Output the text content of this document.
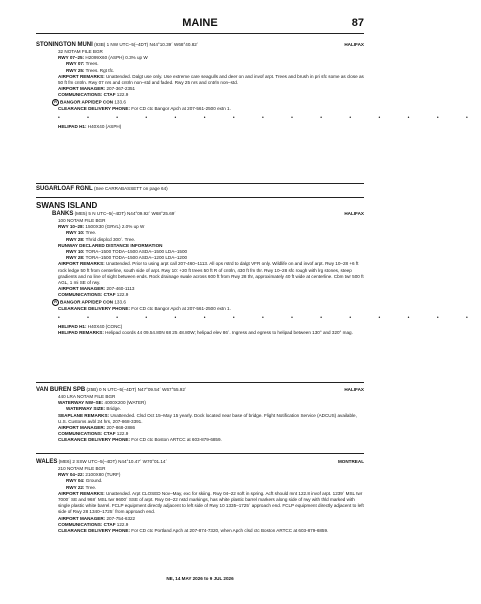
MAINE	87
STONINGTON MUNI (93B) 1 NW UTC–5(–4DT) N44°10.39´ W68°40.82´	HALIFAX
32 NOTAM FILE BGR
RWY 07–25: H2099X60 (ASPH) 0.3% up W
RWY 07: Trees.
RWY 25: Trees. Rgt tfc.
AIRPORT REMARKS: Unattended. Dalgt use only. Use extreme care seagulls and deer on and invof arpt. Trees and brush in pri sfc some as close as 50 ft fm cntrln. Rwy 07 nrs and cntrln non–std and faded. Rwy 25 nrs and cntrln non–std.
AIRPORT MANAGER: 207-367-2351
COMMUNICATIONS: CTAF 122.9
R BANGOR APP/DEP CON 133.6
CLEARANCE DELIVERY PHONE: For CD ctc Bangor Apch at 207-561-2500 extn 1.
• • • • • • • • • • • • • • •
HELIPAD H1: H40X40 (ASPH)
SUGARLOAF RGNL (See CARRABASSETT on page 64)
SWANS ISLAND
BANKS (ME5) 5 N UTC–5(–4DT) N44°09.92´ W68°25.69´	HALIFAX
100 NOTAM FILE BGR
RWY 10–28: 1500X30 (GRVL) 2.0% up W
RWY 10: Tree.
RWY 28: Thrid displcd 300´. Tree.
RUNWAY DECLARED DISTANCE INFORMATION
RWY 10: TORA–1500 TODA–1500 ASDA–1500 LDA–1500
RWY 28: TORA–1500 TODA–1500 ASDA–1200 LDA–1200
AIRPORT REMARKS: Unattended. Prior to using arpt call 207-460–1113. All ops rstrd to dalgt VFR only. Wildlife on and invof arpt. Rwy 10–28 +6 ft rock ledge 50 ft from centerline, south side of arpt. Rwy 10: +20 ft trees 50 ft R of cntrln, 430 ft fm thr. Rwy 10–28 sfc rough with lrg stones, steep gradients and no line of sight between ends. Rock drainage swale across 600 ft from Rwy 28 thr, approximately 40 ft wide at centerline. Cbm twr 500 ft AGL, 1 mi SE of rwy.
AIRPORT MANAGER: 207-460-1113
COMMUNICATIONS: CTAF 122.9
R BANGOR APP/DEP CON 133.6
CLEARANCE DELIVERY PHONE: For CD ctc Bangor Apch at 207-561-2500 extn 1.
• • • • • • • • • • • • • • •
HELIPAD H1: H40X40 (CONC)
HELIPAD REMARKS: Helipad coords 44 09.54.80N 68 25 48.80W; helipad elev 86´. Ingress and egress to helipad between 130° and 320° mag.
VAN BUREN SPB (25B) 0 N UTC–5(–4DT) N47°09.54´ W67°55.92´	HALIFAX
440 LRA NOTAM FILE BGR
WATERWAY NW–SE: 4000X200 (WATER)
WATERWAY SIZE: Bridge.
SEAPLANE REMARKS: Unattended. Clsd Oct 15–May 15 yearly. Dock located near base of bridge. Flight Notification Service (ADCUS) available, U.S. Customs avbl 24 hrs, 207-868-3391.
AIRPORT MANAGER: 207-868-2886
COMMUNICATIONS: CTAF 122.9
CLEARANCE DELIVERY PHONE: For CD ctc Boston ARTCC at 603-879-6859.
WALES (ME6) 2 SSW UTC–5(–4DT) N44°10.47´ W70°01.14´	MONTREAL
210 NOTAM FILE BGR
RWY 04–22: 2100X80 (TURF)
RWY 04: Ground.
RWY 22: Tree.
AIRPORT REMARKS: Unattended. Arpt CLOSED Nov–May, exc for skiing. Rwy 04–22 soft in spring. Acft should mnt 122.8 invof arpt. 1239´ MSL twr 7000´ SE and 968´ MSL twr 9600´ SSE of arpt. Rwy 04–22 nstd markings, has white plastic barrel markers along side of rwy with thld marked with single plastic white barrel. FCLP equipment directly adjacent to left side of Rwy 10 1335–1725´ approach end. FCLP equipment directly adjacent to left side of Rwy 28 1340–1725´ from approach end.
AIRPORT MANAGER: 207-754-6322
COMMUNICATIONS: CTAF 122.9
CLEARANCE DELIVERY PHONE: For CD ctc Portland Apch at 207-874-7320, when Apch clsd ctc Boston ARTCC at 603-879-6859.
NE, 14 MAY 2026 to 9 JUL 2026
